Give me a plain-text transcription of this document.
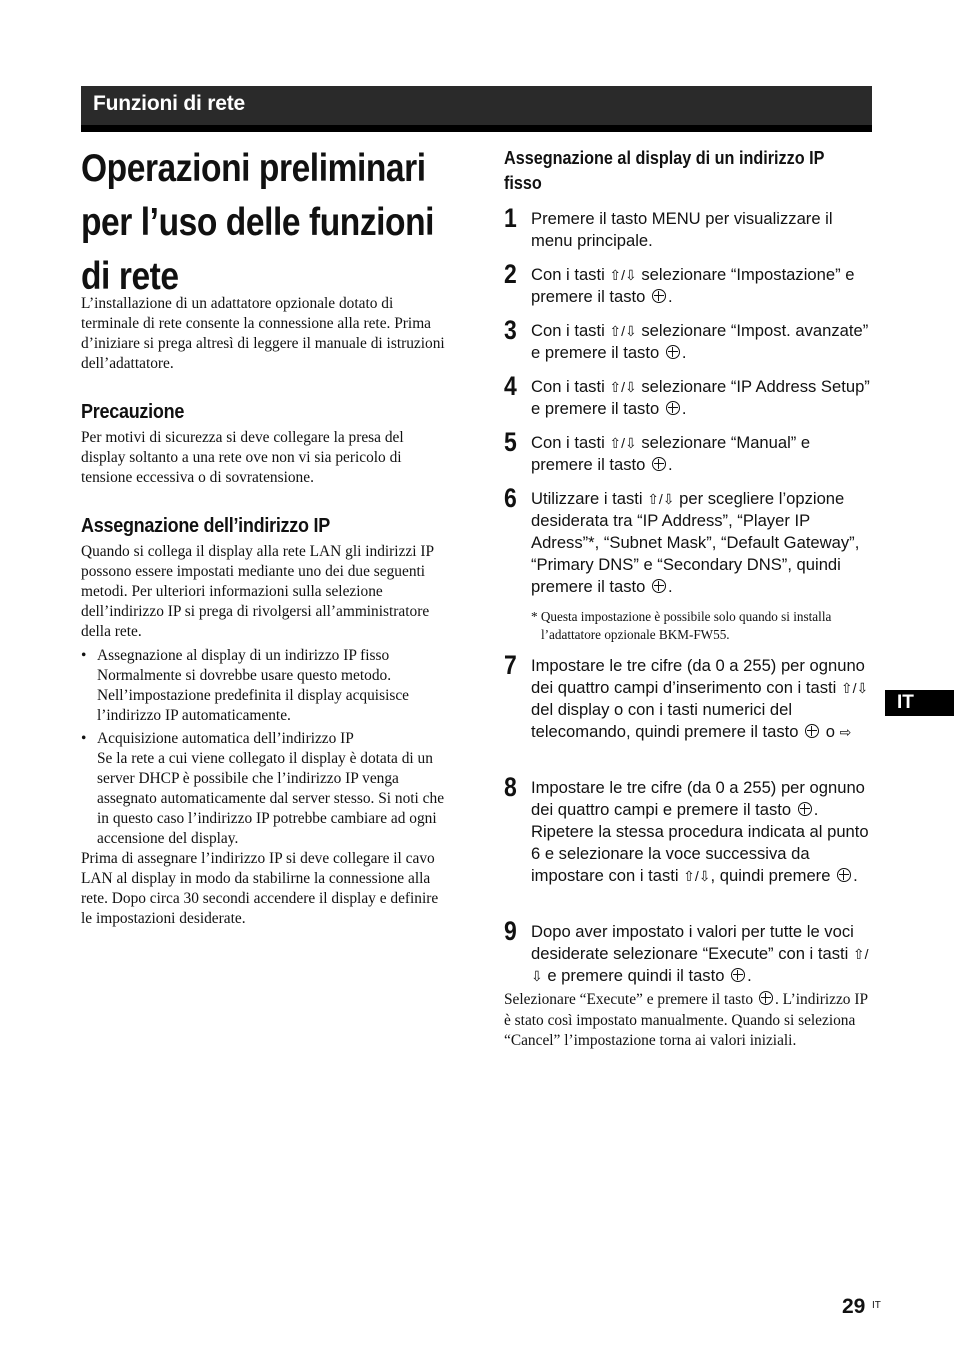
Funzioni di rete
Operazioni preliminari
per l’uso delle funzioni
di rete
L’installazione di un adattatore opzionale dotato di terminale di rete consente la connessione alla rete. Prima d’iniziare si prega altresì di leggere il manuale di istruzioni dell’adattatore.
Precauzione
Per motivi di sicurezza si deve collegare la presa del display soltanto a una rete ove non vi sia pericolo di tensione eccessiva o di sovratensione.
Assegnazione dell’indirizzo IP
Quando si collega il display alla rete LAN gli indirizzi IP possono essere impostati mediante uno dei due seguenti metodi. Per ulteriori informazioni sulla selezione dell’indirizzo IP si prega di rivolgersi all’amministratore della rete.
• Assegnazione al display di un indirizzo IP fisso
Normalmente si dovrebbe usare questo metodo. Nell’impostazione predefinita il display acquisisce l’indirizzo IP automaticamente.
• Acquisizione automatica dell’indirizzo IP
Se la rete a cui viene collegato il display è dotata di un server DHCP è possibile che l’indirizzo IP venga assegnato automaticamente dal server stesso. Si noti che in questo caso l’indirizzo IP potrebbe cambiare ad ogni accensione del display.
Prima di assegnare l’indirizzo IP si deve collegare il cavo LAN al display in modo da stabilirne la connessione alla rete. Dopo circa 30 secondi accendere il display e definire le impostazioni desiderate.
Assegnazione al display di un indirizzo IP fisso
1 Premere il tasto MENU per visualizzare il
menu principale.
2 Con i tasti ⇧/⇩ selezionare “Impostazione” e premere il tasto .
3 Con i tasti ⇧/⇩ selezionare “Impost. avanzate” e premere il tasto .
4 Con i tasti ⇧/⇩ selezionare “IP Address Setup” e premere il tasto .
5 Con i tasti ⇧/⇩ selezionare “Manual” e premere il tasto .
6 Utilizzare i tasti ⇧/⇩ per scegliere l’opzione desiderata tra “IP Address”, “Player IP Adress”*, “Subnet Mask”, “Default Gateway”, “Primary DNS” e “Secondary DNS”, quindi premere il tasto .
* Questa impostazione è possibile solo quando si installa
l’adattatore opzionale BKM-FW55.
7 Impostare le tre cifre (da 0 a 255) per ognuno dei quattro campi d’inserimento con i tasti ⇧/⇩ del display o con i tasti numerici del telecomando, quindi premere il tasto  o ⇨
8 Impostare le tre cifre (da 0 a 255) per ognuno dei quattro campi e premere il tasto . Ripetere la stessa procedura indicata al punto 6 e selezionare la voce successiva da impostare con i tasti ⇧/⇩, quindi premere .
9 Dopo aver impostato i valori per tutte le voci desiderate selezionare “Execute” con i tasti ⇧/⇩ e premere quindi il tasto .
Selezionare “Execute” e premere il tasto . L’indirizzo IP è stato così impostato manualmente. Quando si seleziona “Cancel” l’impostazione torna ai valori iniziali.
IT
29 IT
